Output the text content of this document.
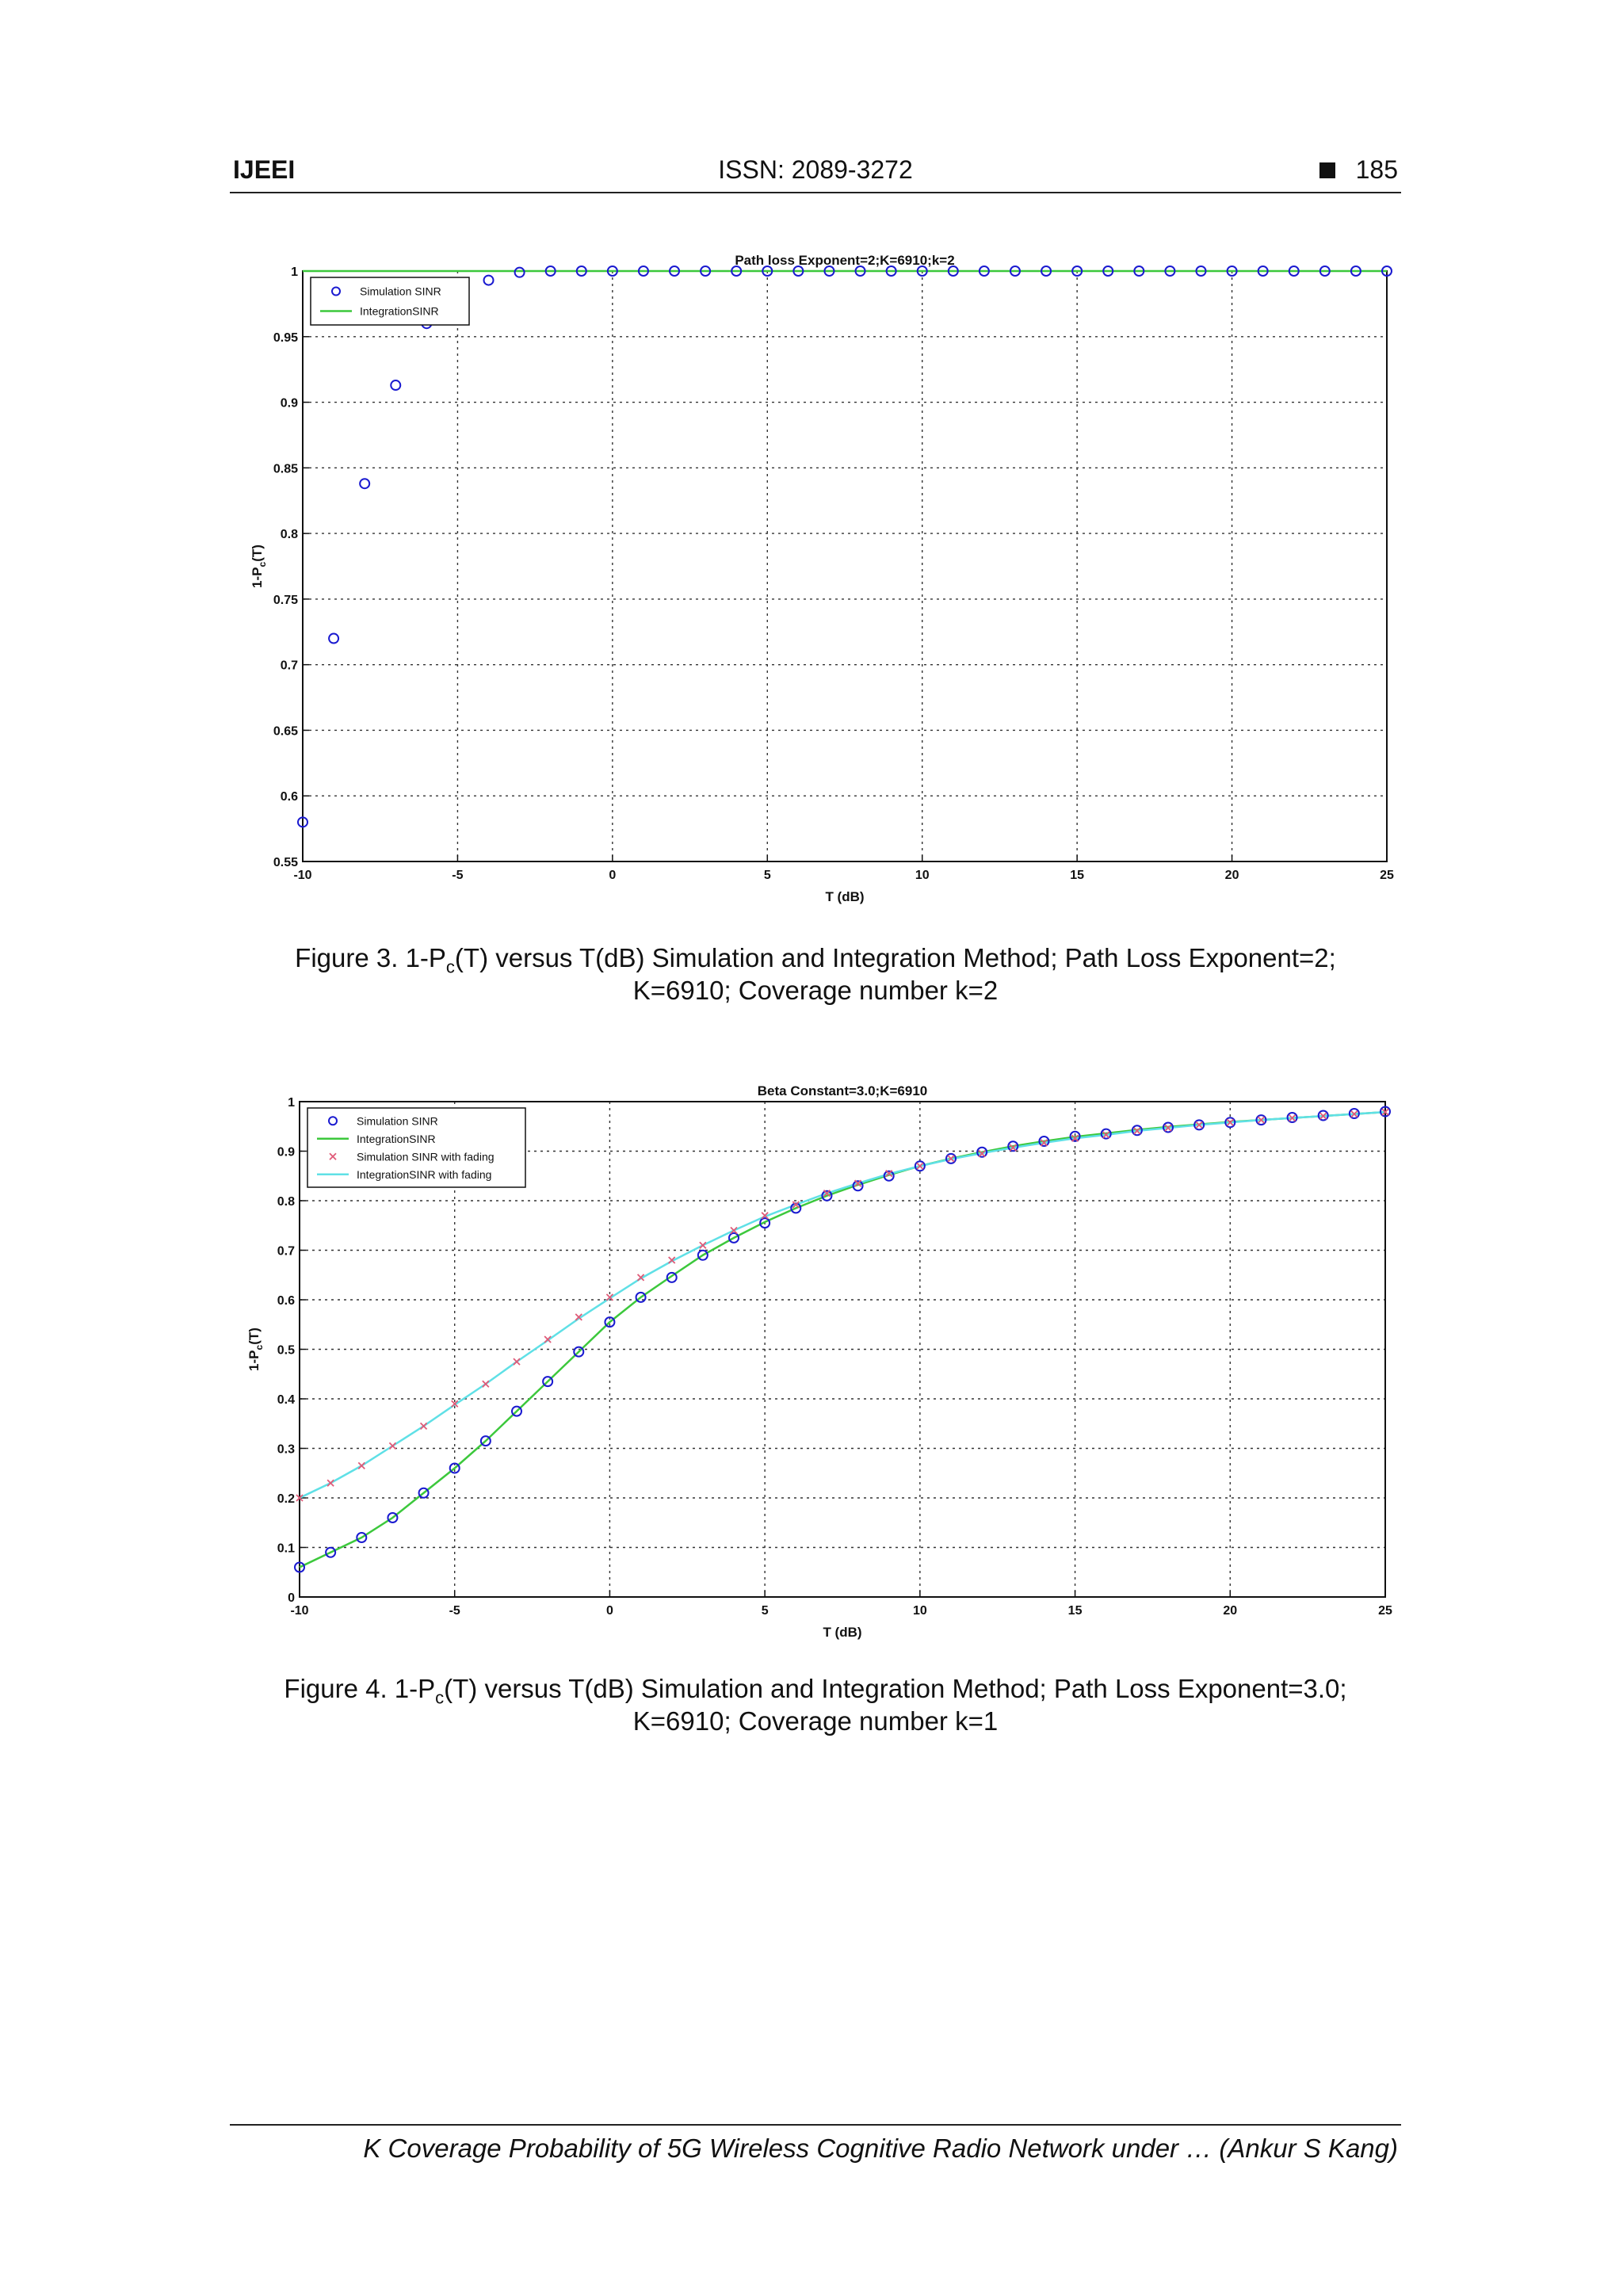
IJEEI	ISSN: 2089-3272	185
-10	-5	0	5	10	15	20	25
0.55
0.6
0.65
0.7
0.75
0.8
0.85
0.9
0.95
1
Path loss Exponent=2;K=6910;k=2
T (dB)
$1-P_c(T)$
Simulation SINR
IntegrationSINR
Figure 3. $1-P_c(T)$ versus T(dB) Simulation and Integration Method; Path Loss Exponent=2;
K=6910; Coverage number k=2
-10	-5	0	5	10	15	20	25
0
0.1
0.2
0.3
0.4
0.5
0.6
0.7
0.8
0.9
1
Beta Constant=3.0;K=6910
T (dB)
$1-P_c(T)$
Simulation SINR
IntegrationSINR
Simulation SINR with fading
IntegrationSINR with fading
Figure 4. $1-P_c(T)$ versus T(dB) Simulation and Integration Method; Path Loss Exponent=3.0;
K=6910; Coverage number k=1
K Coverage Probability of 5G Wireless Cognitive Radio Network under … (Ankur S Kang)
